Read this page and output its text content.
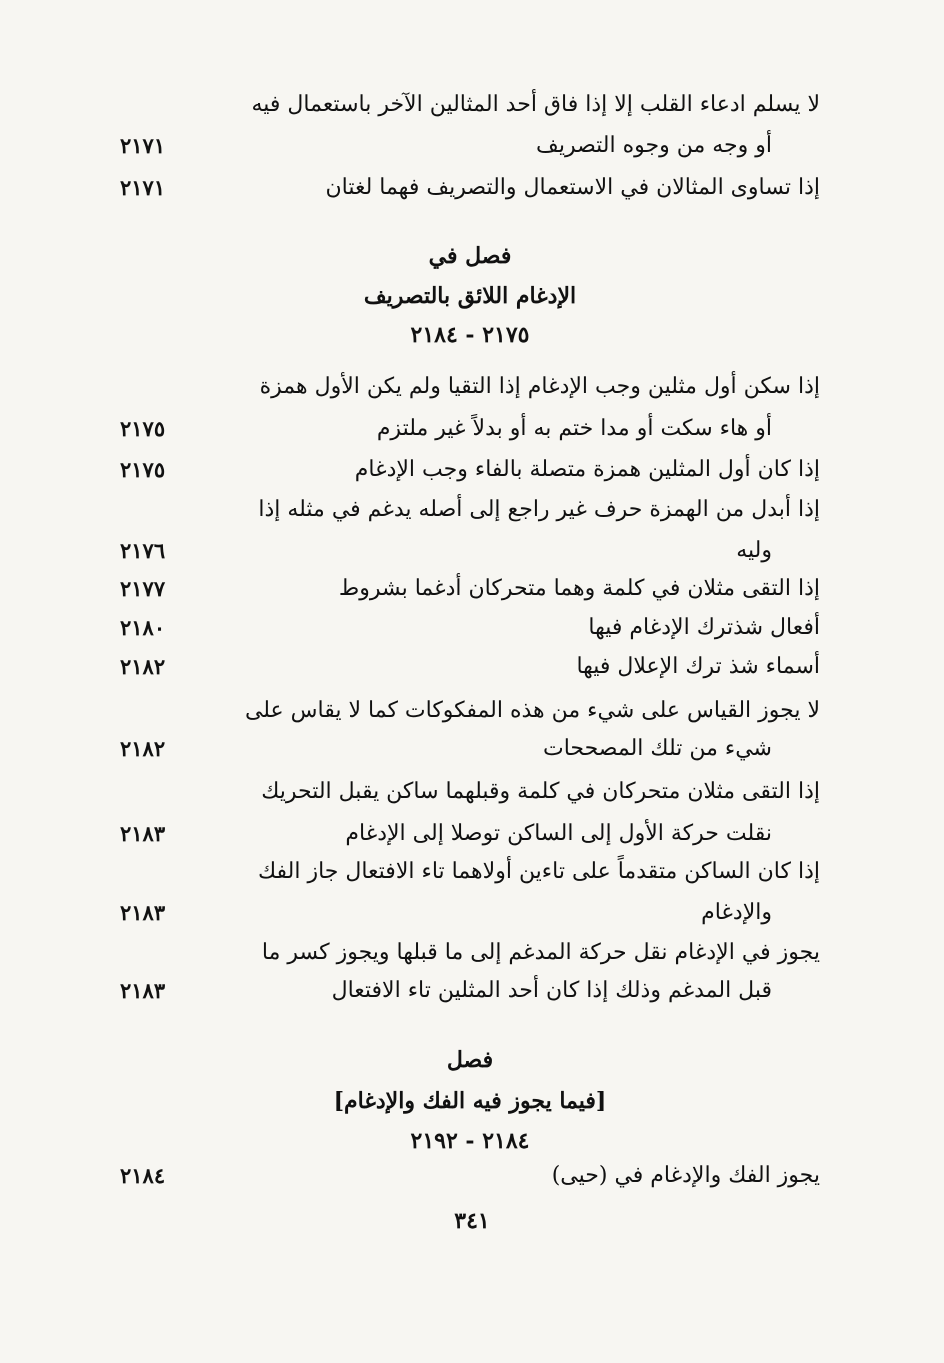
لا يسلم ادعاء القلب إلا إذا فاق أحد المثالين الآخر باستعمال فيه
أو وجه من وجوه التصريف
٢١٧١
إذا تساوى المثالان في الاستعمال والتصريف فهما لغتان
٢١٧١
فصل في
الإدغام اللائق بالتصريف
٢١٧٥ - ٢١٨٤
إذا سكن أول مثلين وجب الإدغام إذا التقيا ولم يكن الأول همزة
أو هاء سكت أو مدا ختم به أو بدلاً غير ملتزم
٢١٧٥
إذا كان أول المثلين همزة متصلة بالفاء وجب الإدغام
٢١٧٥
إذا أبدل من الهمزة حرف غير راجع إلى أصله يدغم في مثله إذا
وليه
٢١٧٦
إذا التقى مثلان في كلمة وهما متحركان أدغما بشروط
٢١٧٧
أفعال شذترك الإدغام فيها
٢١٨٠
أسماء شذ ترك الإعلال فيها
٢١٨٢
لا يجوز القياس على شيء من هذه المفكوكات كما لا يقاس على
شيء من تلك المصححات
٢١٨٢
إذا التقى مثلان متحركان في كلمة وقبلهما ساكن يقبل التحريك
نقلت حركة الأول إلى الساكن توصلا إلى الإدغام
٢١٨٣
إذا كان الساكن متقدماً على تاءين أولاهما تاء الافتعال جاز الفك
والإدغام
٢١٨٣
يجوز في الإدغام نقل حركة المدغم إلى ما قبلها ويجوز كسر ما
قبل المدغم وذلك إذا كان أحد المثلين تاء الافتعال
٢١٨٣
فصل
[فيما يجوز فيه الفك والإدغام]
٢١٨٤ - ٢١٩٢
يجوز الفك والإدغام في (حيى)
٢١٨٤
٣٤١
